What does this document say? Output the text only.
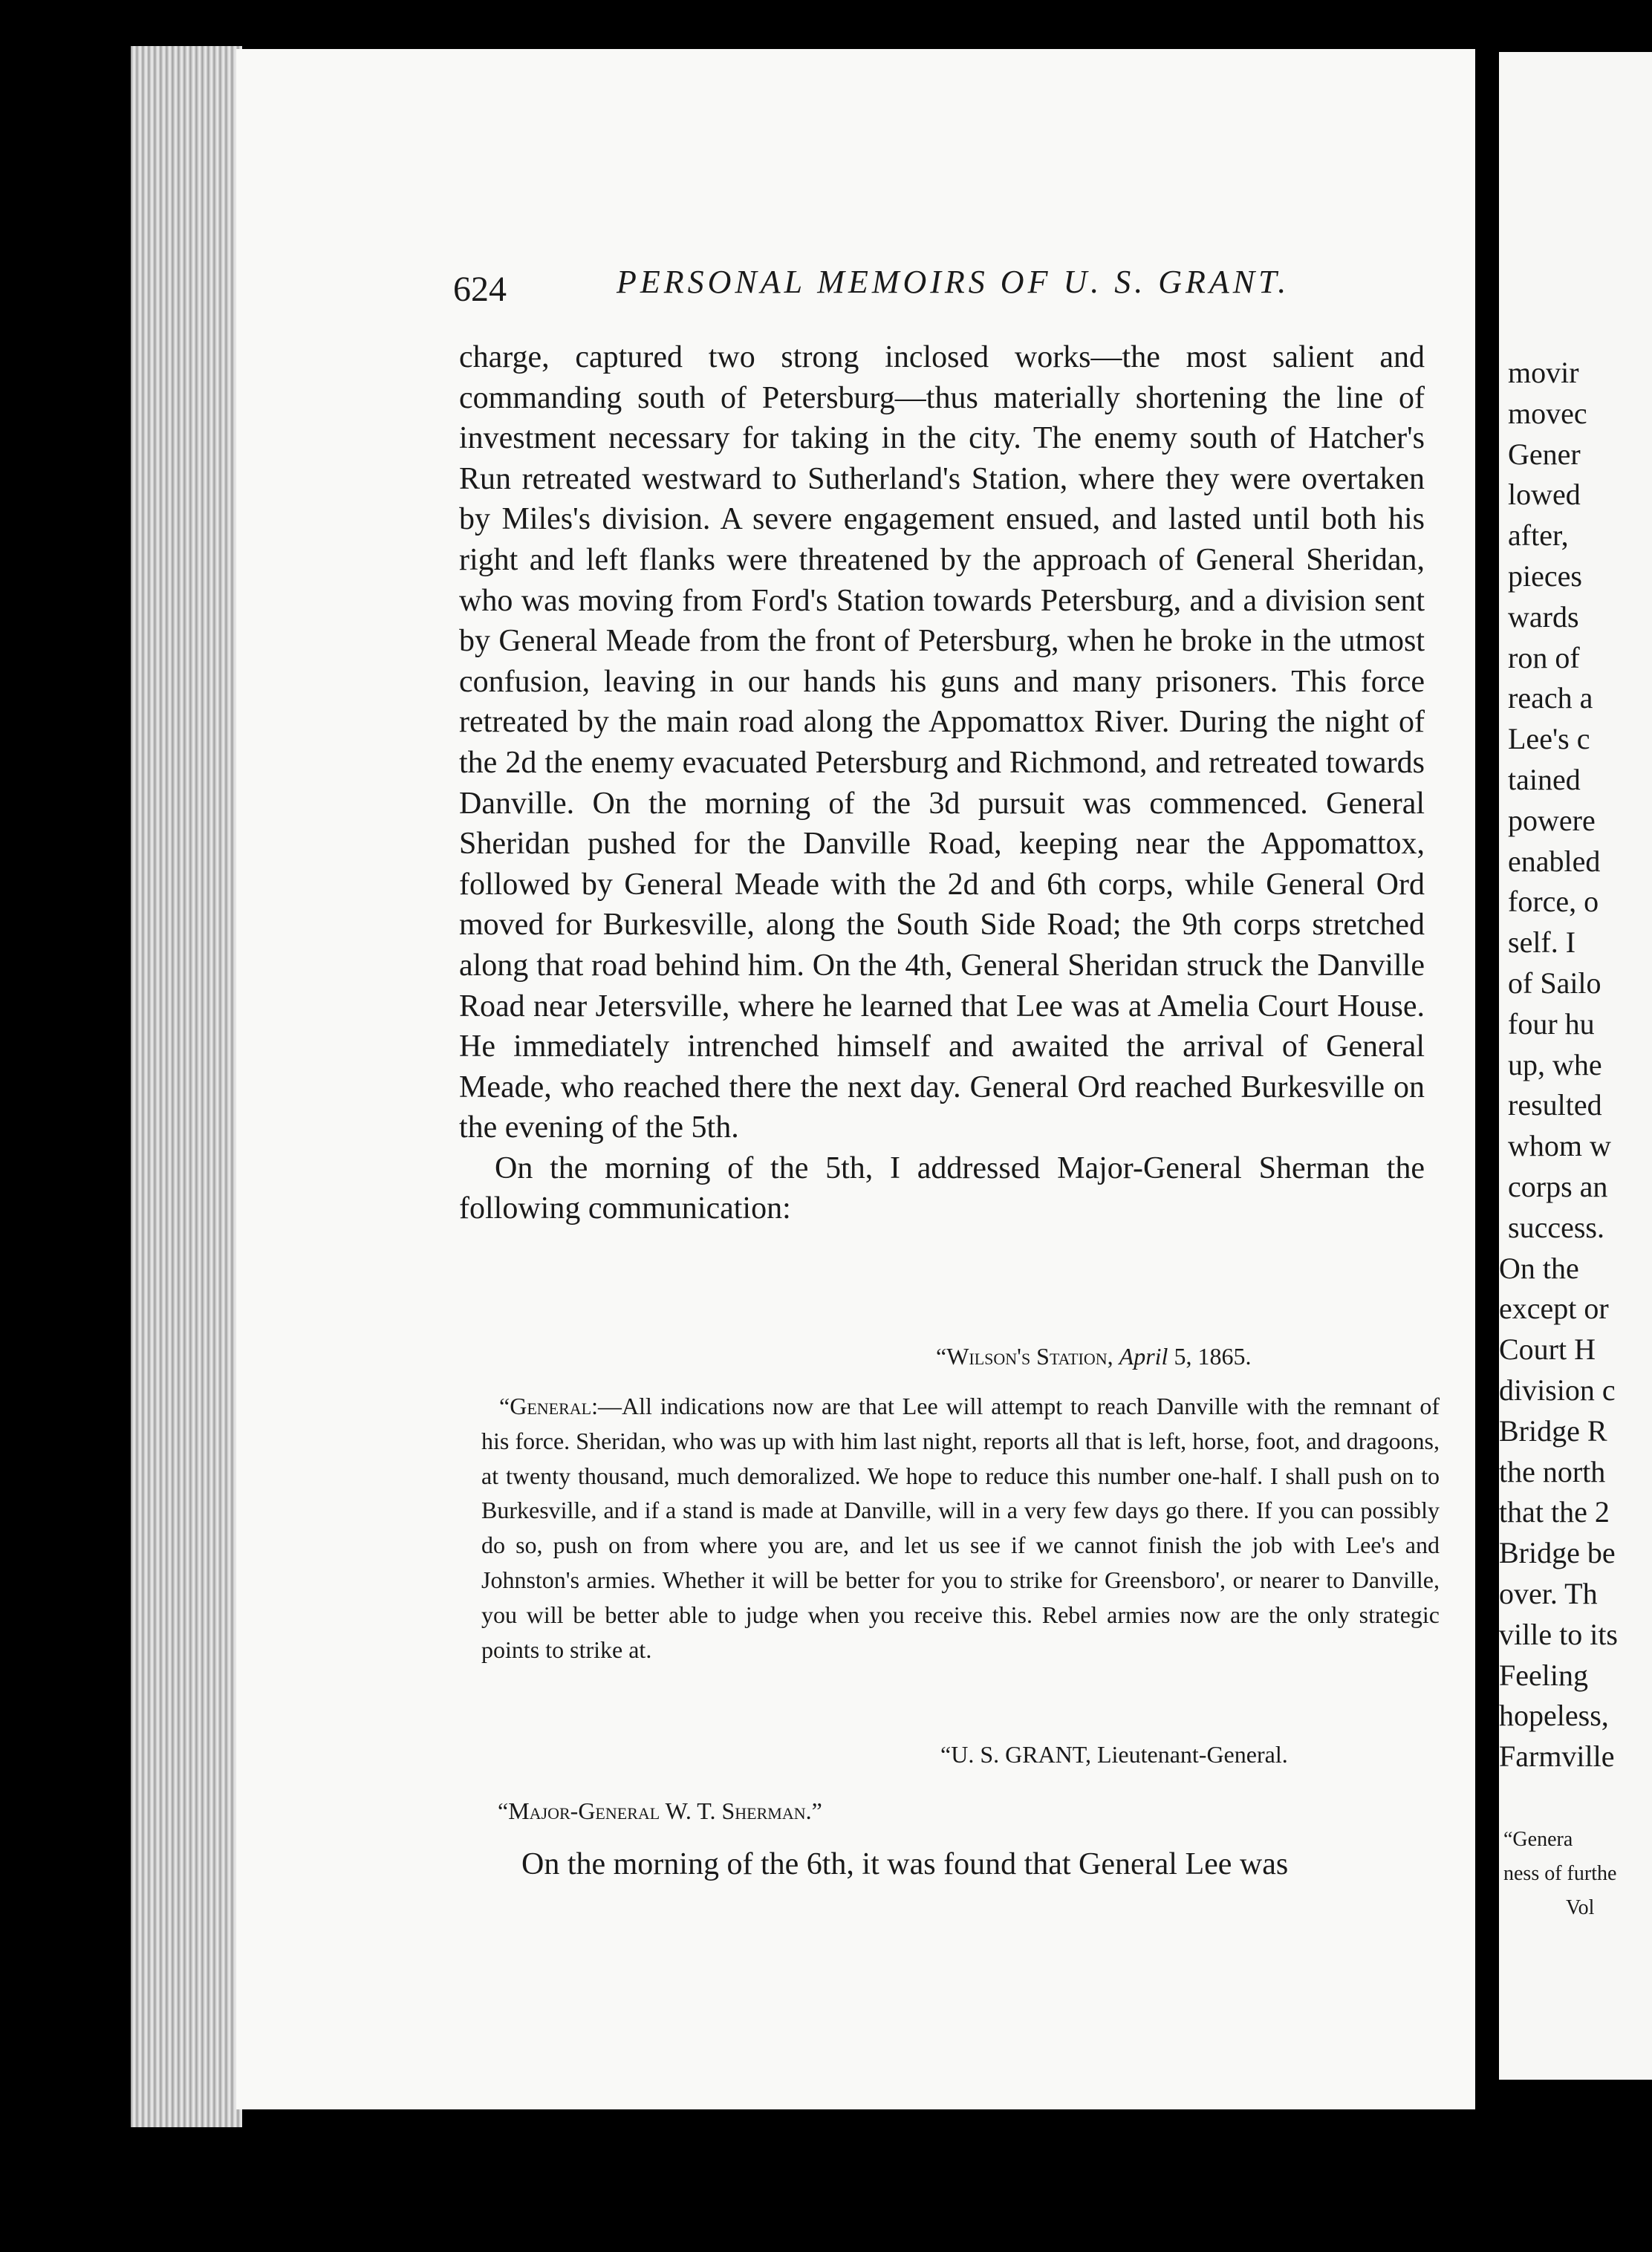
movir
movec
Gener
lowed
after,
pieces
wards
ron of
reach a
Lee's c
tained
powere
enabled
force, o
self. I
of Sailo
four hu
up, whe
resulted
whom w
corps an
success.
On the
except or
Court H
division c
Bridge R
the north
that the 2
Bridge be
over. Th
ville to its
Feeling
hopeless,
Farmville
“Genera
ness of furthe
Vol
624	PERSONAL MEMOIRS OF U. S. GRANT.

charge, captured two strong inclosed works—the most salient and commanding south of Petersburg—thus materially shortening the line of investment necessary for taking in the city. The enemy south of Hatcher's Run retreated westward to Sutherland's Station, where they were overtaken by Miles's division. A severe engagement ensued, and lasted until both his right and left flanks were threatened by the approach of General Sheridan, who was moving from Ford's Station towards Petersburg, and a division sent by General Meade from the front of Petersburg, when he broke in the utmost confusion, leaving in our hands his guns and many prisoners. This force retreated by the main road along the Appomattox River. During the night of the 2d the enemy evacuated Petersburg and Richmond, and retreated towards Danville. On the morning of the 3d pursuit was commenced. General Sheridan pushed for the Danville Road, keeping near the Appomattox, followed by General Meade with the 2d and 6th corps, while General Ord moved for Burkesville, along the South Side Road; the 9th corps stretched along that road behind him. On the 4th, General Sheridan struck the Danville Road near Jetersville, where he learned that Lee was at Amelia Court House. He immediately intrenched himself and awaited the arrival of General Meade, who reached there the next day. General Ord reached Burkesville on the evening of the 5th.

On the morning of the 5th, I addressed Major-General Sherman the following communication:

“Wilson's Station, April 5, 1865.

“General:—All indications now are that Lee will attempt to reach Danville with the remnant of his force. Sheridan, who was up with him last night, reports all that is left, horse, foot, and dragoons, at twenty thousand, much demoralized. We hope to reduce this number one-half. I shall push on to Burkesville, and if a stand is made at Danville, will in a very few days go there. If you can possibly do so, push on from where you are, and let us see if we cannot finish the job with Lee's and Johnston's armies. Whether it will be better for you to strike for Greensboro', or nearer to Danville, you will be better able to judge when you receive this. Rebel armies now are the only strategic points to strike at.

“U. S. GRANT, Lieutenant-General.
“Major-General W. T. Sherman.”
On the morning of the 6th, it was found that General Lee was
